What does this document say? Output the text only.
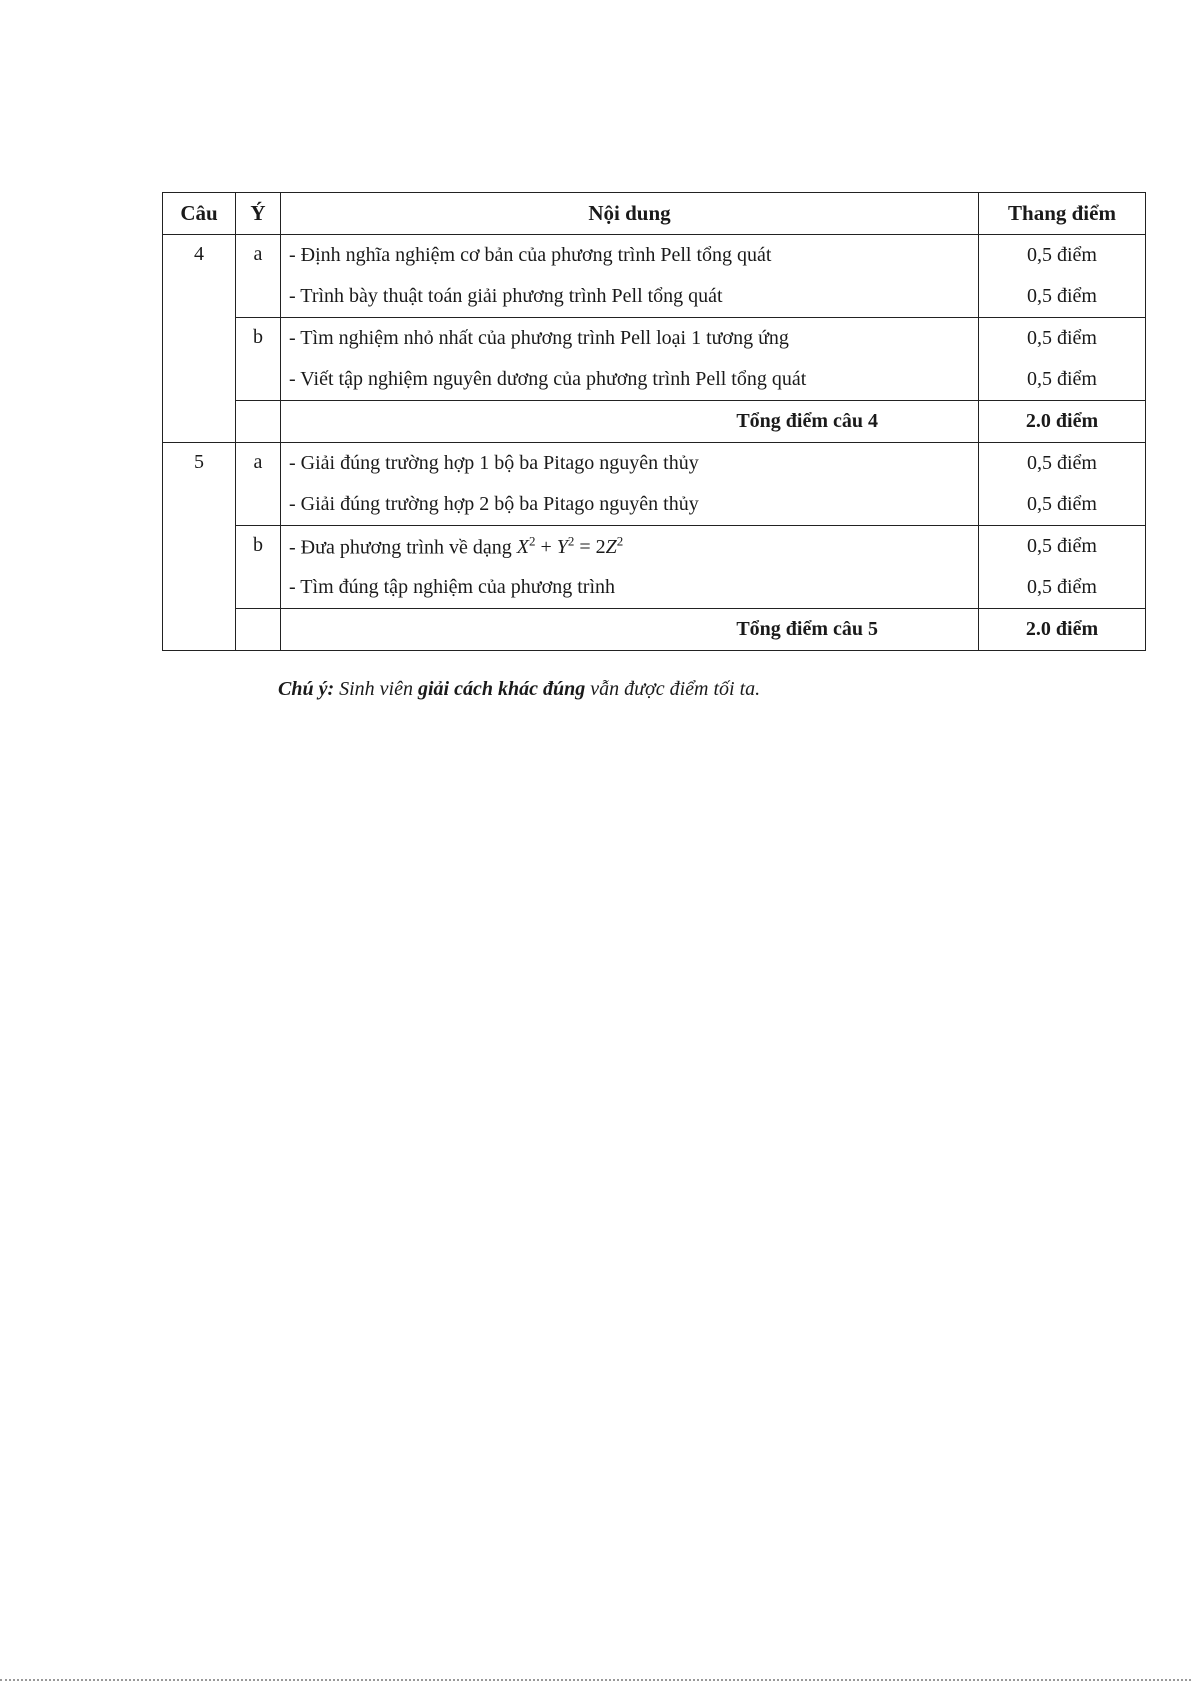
Câu	Ý	Nội dung	Thang điểm
4	a	- Định nghĩa nghiệm cơ bản của phương trình Pell tổng quát	0,5 điểm
		- Trình bày thuật toán giải phương trình Pell tổng quát	0,5 điểm
	b	- Tìm nghiệm nhỏ nhất của phương trình Pell loại 1 tương ứng	0,5 điểm
		- Viết tập nghiệm nguyên dương của phương trình Pell tổng quát	0,5 điểm
		Tổng điểm câu 4	2.0 điểm
5	a	- Giải đúng trường hợp 1 bộ ba Pitago nguyên thủy	0,5 điểm
		- Giải đúng trường hợp 2 bộ ba Pitago nguyên thủy	0,5 điểm
	b	- Đưa phương trình về dạng $X^2 + Y^2 = 2Z^2$	0,5 điểm
		- Tìm đúng tập nghiệm của phương trình	0,5 điểm
		Tổng điểm câu 5	2.0 điểm
Chú ý: Sinh viên giải cách khác đúng vẫn được điểm tối ta.
